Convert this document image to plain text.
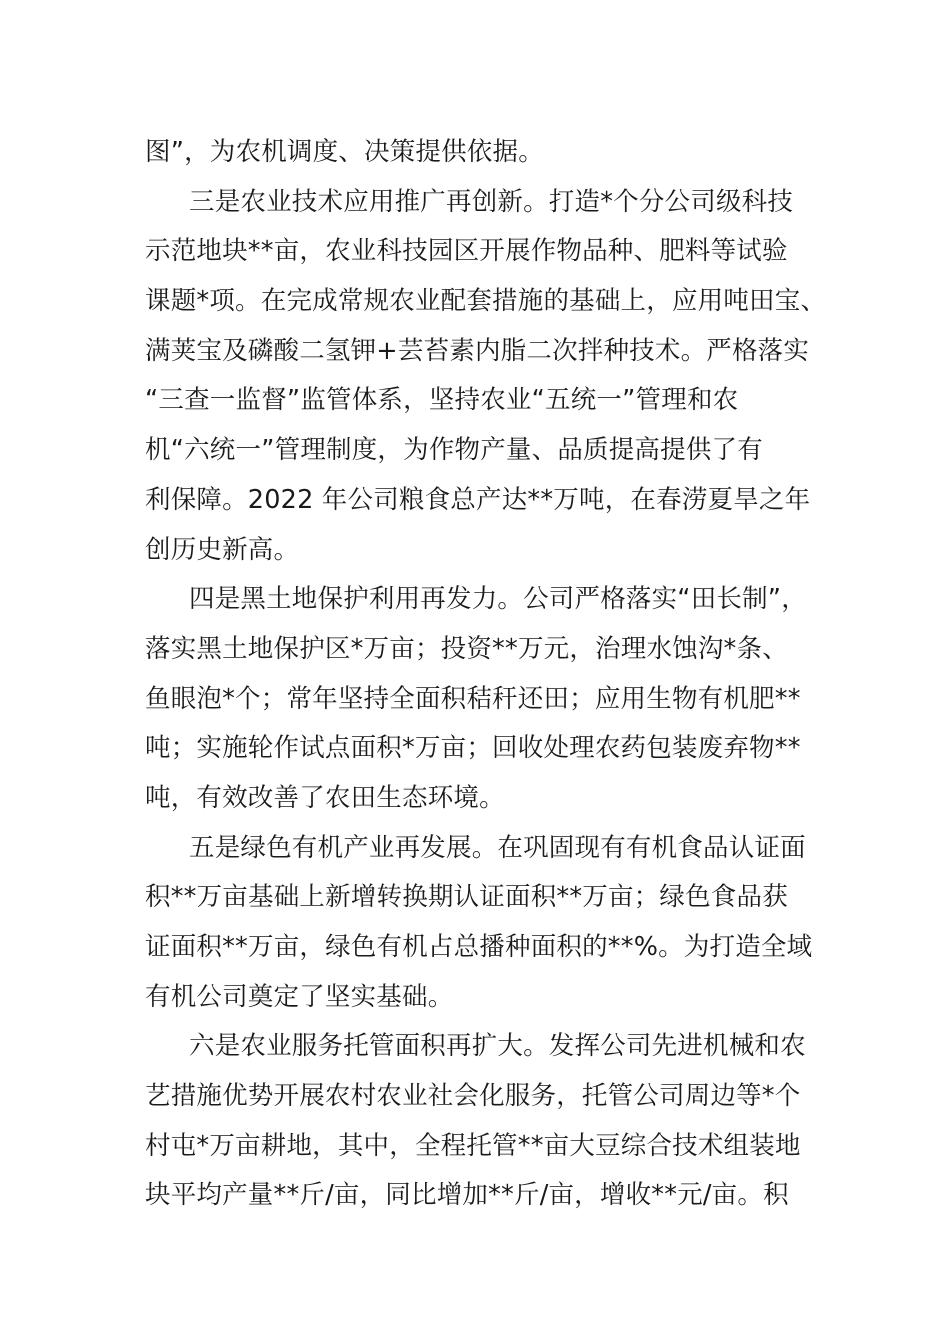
图”，为农机调度、决策提供依据。
三是农业技术应用推广再创新。打造*个分公司级科技
示范地块**亩，农业科技园区开展作物品种、肥料等试验
课题*项。在完成常规农业配套措施的基础上，应用吨田宝、
满荚宝及磷酸二氢钾+芸苔素内脂二次拌种技术。严格落实
“三查一监督”监管体系，坚持农业“五统一”管理和农
机“六统一”管理制度，为作物产量、品质提高提供了有
利保障。2022 年公司粮食总产达**万吨，在春涝夏旱之年
创历史新高。
四是黑土地保护利用再发力。公司严格落实“田长制”，
落实黑土地保护区*万亩；投资**万元，治理水蚀沟*条、
鱼眼泡*个；常年坚持全面积秸秆还田；应用生物有机肥**
吨；实施轮作试点面积*万亩；回收处理农药包装废弃物**
吨，有效改善了农田生态环境。
五是绿色有机产业再发展。在巩固现有有机食品认证面
积**万亩基础上新增转换期认证面积**万亩；绿色食品获
证面积**万亩，绿色有机占总播种面积的**%。为打造全域
有机公司奠定了坚实基础。
六是农业服务托管面积再扩大。发挥公司先进机械和农
艺措施优势开展农村农业社会化服务，托管公司周边等*个
村屯*万亩耕地，其中，全程托管**亩大豆综合技术组装地
块平均产量**斤/亩，同比增加**斤/亩，增收**元/亩。积
